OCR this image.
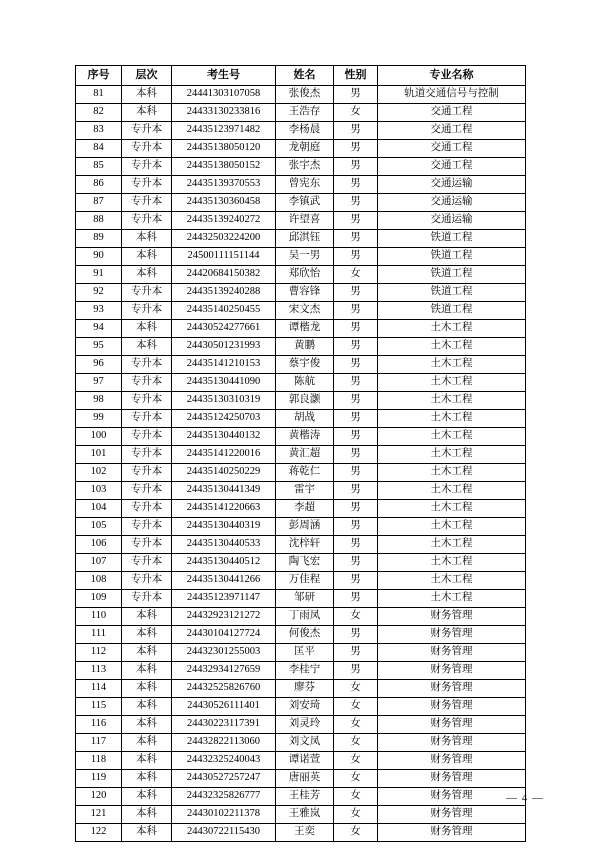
序号	层次	考生号	姓名	性别	专业名称
81	本科	24441303107058	张俊杰	男	轨道交通信号与控制
82	本科	24433130233816	王浩存	女	交通工程
83	专升本	24435123971482	李杨晨	男	交通工程
84	专升本	24435138050120	龙朝庭	男	交通工程
85	专升本	24435138050152	张宇杰	男	交通工程
86	专升本	24435139370553	曾宪东	男	交通运输
87	专升本	24435130360458	李镇武	男	交通运输
88	专升本	24435139240272	许望喜	男	交通运输
89	本科	24432503224200	邱淇钰	男	铁道工程
90	本科	24500111151144	吴一男	男	铁道工程
91	本科	24420684150382	郑欣怡	女	铁道工程
92	专升本	24435139240288	曹容锋	男	铁道工程
93	专升本	24435140250455	宋文杰	男	铁道工程
94	本科	24430524277661	谭楷龙	男	土木工程
95	本科	24430501231993	黄鹏	男	土木工程
96	专升本	24435141210153	蔡宇俊	男	土木工程
97	专升本	24435130441090	陈航	男	土木工程
98	专升本	24435130310319	郭良灏	男	土木工程
99	专升本	24435124250703	胡战	男	土木工程
100	专升本	24435130440132	黄楷涛	男	土木工程
101	专升本	24435141220016	黄汇超	男	土木工程
102	专升本	24435140250229	蒋乾仁	男	土木工程
103	专升本	24435130441349	雷宇	男	土木工程
104	专升本	24435141220663	李超	男	土木工程
105	专升本	24435130440319	彭周涵	男	土木工程
106	专升本	24435130440533	沈梓轩	男	土木工程
107	专升本	24435130440512	陶飞宏	男	土木工程
108	专升本	24435130441266	万佳程	男	土木工程
109	专升本	24435123971147	邹研	男	土木工程
110	本科	24432923121272	丁雨凤	女	财务管理
111	本科	24430104127724	何俊杰	男	财务管理
112	本科	24432301255003	匡平	男	财务管理
113	本科	24432934127659	李桂宁	男	财务管理
114	本科	24432525826760	廖芬	女	财务管理
115	本科	24430526111401	刘安琦	女	财务管理
116	本科	24430223117391	刘灵玲	女	财务管理
117	本科	24432822113060	刘文凤	女	财务管理
118	本科	24432325240043	谭诺萱	女	财务管理
119	本科	24430527257247	唐丽英	女	财务管理
120	本科	24432325826777	王桂芳	女	财务管理
121	本科	24430102211378	王雅岚	女	财务管理
122	本科	24430722115430	王奕	女	财务管理
— 4 —
